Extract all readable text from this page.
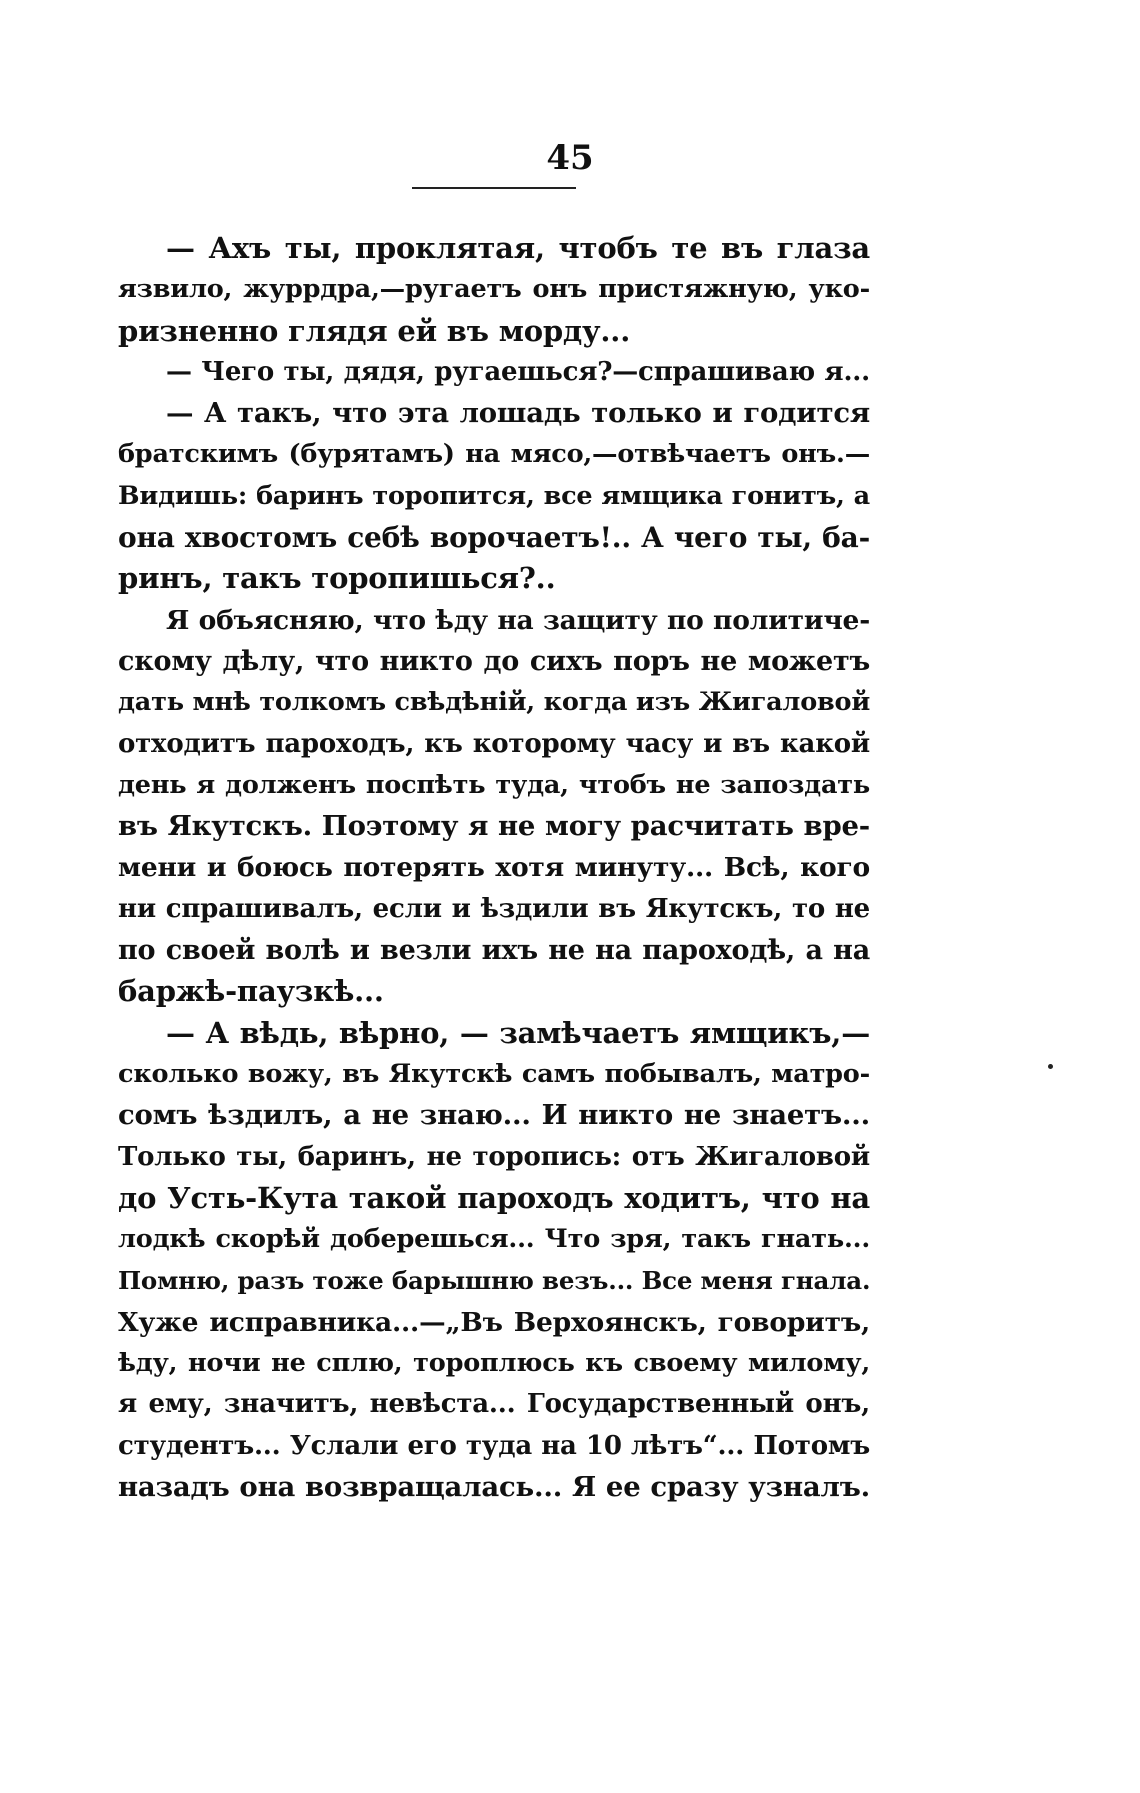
45
— Ахъ ты, проклятая, чтобъ те въ глаза
язвило, журрдра,—ругаетъ онъ пристяжную, уко-
ризненно глядя ей въ морду...
— Чего ты, дядя, ругаешься?—спрашиваю я...
— А такъ, что эта лошадь только и годится
братскимъ (бурятамъ) на мясо,—отвѣчаетъ онъ.—
Видишь: баринъ торопится, все ямщика гонитъ, а
она хвостомъ себѣ ворочаетъ!.. А чего ты, ба-
ринъ, такъ торопишься?..
Я объясняю, что ѣду на защиту по политиче-
скому дѣлу, что никто до сихъ поръ не можетъ
дать мнѣ толкомъ свѣдѣній, когда изъ Жигаловой
отходитъ пароходъ, къ которому часу и въ какой
день я долженъ поспѣть туда, чтобъ не запоздать
въ Якутскъ. Поэтому я не могу расчитать вре-
мени и боюсь потерять хотя минуту... Всѣ, кого
ни спрашивалъ, если и ѣздили въ Якутскъ, то не
по своей волѣ и везли ихъ не на пароходѣ, а на
баржѣ-паузкѣ...
— А вѣдь, вѣрно, — замѣчаетъ ямщикъ,—
сколько вожу, въ Якутскѣ самъ побывалъ, матро-
сомъ ѣздилъ, а не знаю... И никто не знаетъ...
Только ты, баринъ, не торопись: отъ Жигаловой
до Усть-Кута такой пароходъ ходитъ, что на
лодкѣ скорѣй доберешься... Что зря, такъ гнать...
Помню, разъ тоже барышню везъ... Все меня гнала.
Хуже исправника...—„Въ Верхоянскъ, говоритъ,
ѣду, ночи не сплю, тороплюсь къ своему милому,
я ему, значитъ, невѣста... Государственный онъ,
студентъ... Услали его туда на 10 лѣтъ“... Потомъ
назадъ она возвращалась... Я ее сразу узналъ.
